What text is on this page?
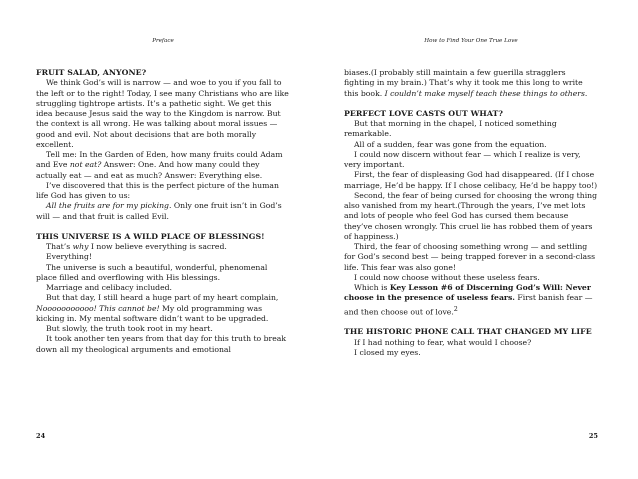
Preface
FRUIT SALAD, ANYONE?

We think God’s will is narrow — and woe to you if you fall to the left or to the right! Today, I see many Christians who are like struggling tightrope artists. It’s a pathetic sight. We get this idea because Jesus said the way to the Kingdom is narrow. But the context is all wrong. He was talking about moral issues — good and evil. Not about decisions that are both morally excellent.

Tell me: In the Garden of Eden, how many fruits could Adam and Eve not eat? Answer: One. And how many could they actually eat — and eat as much? Answer: Everything else.

I’ve discovered that this is the perfect picture of the human life God has given to us:

All the fruits are for my picking. Only one fruit isn’t in God’s will — and that fruit is called Evil.

THIS UNIVERSE IS A WILD PLACE OF BLESSINGS!

That’s why I now believe everything is sacred.

Everything!

The universe is such a beautiful, wonderful, phenomenal place filled and overflowing with His blessings.

Marriage and celibacy included.

But that day, I still heard a huge part of my heart complain, Nooooooooooo! This cannot be! My old programming was kicking in. My mental software didn’t want to be upgraded.

But slowly, the truth took root in my heart.

It took another ten years from that day for this truth to break down all my theological arguments and emotional

24
How to Find Your One True Love

biases.(I probably still maintain a few guerilla stragglers fighting in my brain.) That’s why it took me this long to write this book. I couldn’t make myself teach these things to others.

PERFECT LOVE CASTS OUT WHAT?

But that morning in the chapel, I noticed something remarkable.

All of a sudden, fear was gone from the equation.

I could now discern without fear — which I realize is very, very important.

First, the fear of displeasing God had disappeared. (If I chose marriage, He’d be happy. If I chose celibacy, He’d be happy too!)

Second, the fear of being cursed for choosing the wrong thing also vanished from my heart.(Through the years, I’ve met lots and lots of people who feel God has cursed them because they’ve chosen wrongly. This cruel lie has robbed them of years of happiness.)

Third, the fear of choosing something wrong — and settling for God’s second best — being trapped forever in a second-class life. This fear was also gone!

I could now choose without these useless fears.

Which is Key Lesson #6 of Discerning God’s Will: Never choose in the presence of useless fears. First banish fear — and then choose out of love.$^2$

THE HISTORIC PHONE CALL THAT CHANGED MY LIFE

If I had nothing to fear, what would I choose?

I closed my eyes.

25
